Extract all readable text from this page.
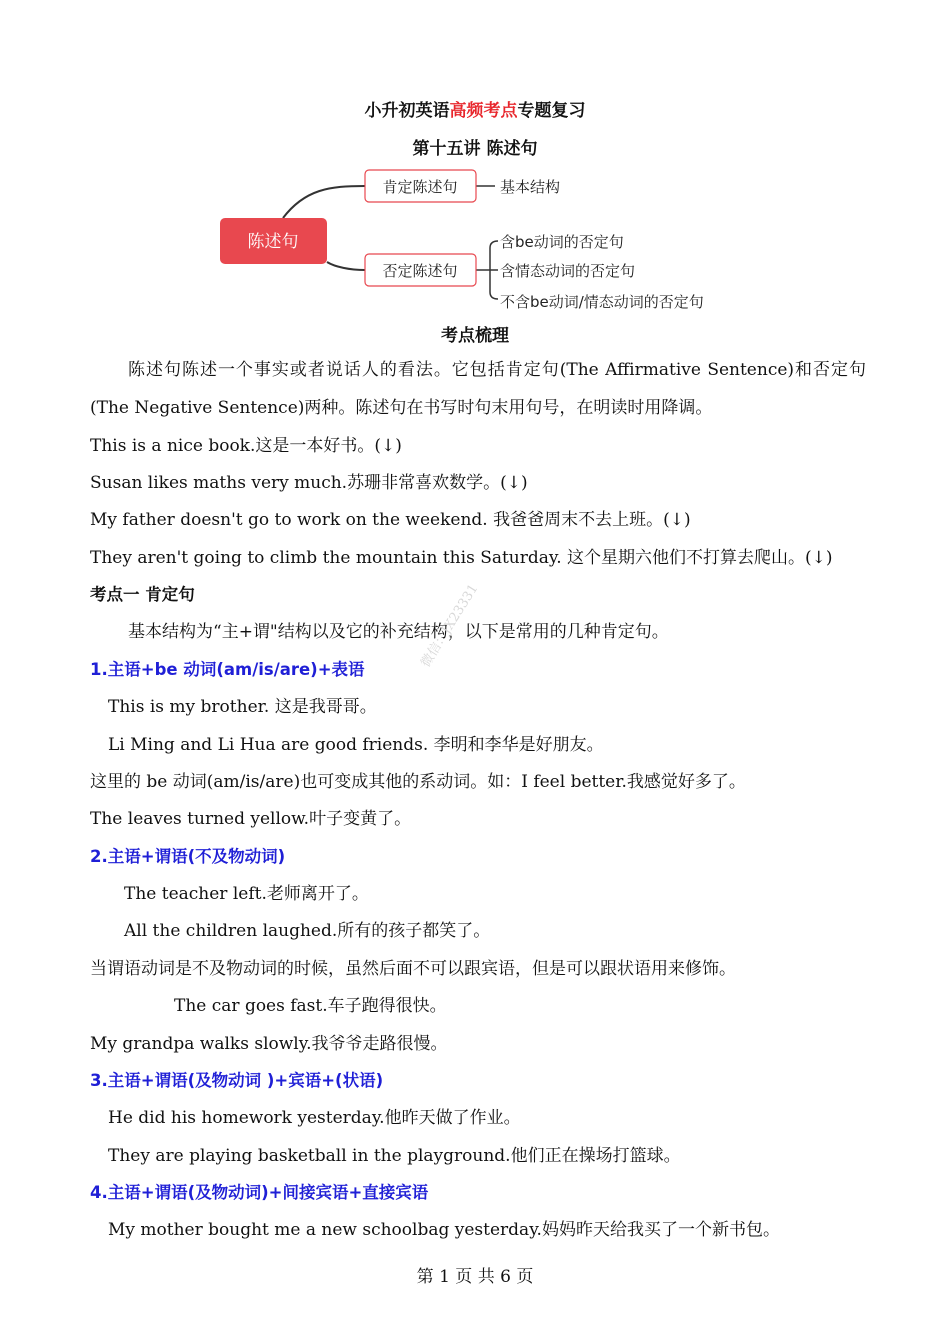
小升初英语高频考点专题复习
第十五讲 陈述句
陈述句
肯定陈述句	基本结构
否定陈述句
含be动词的否定句
含情态动词的否定句
不含be动词/情态动词的否定句
考点梳理
陈述句陈述一个事实或者说话人的看法。它包括肯定句(The Affirmative Sentence)和否定句(The Negative Sentence)两种。陈述句在书写时句末用句号，在明读时用降调。
This is a nice book.这是一本好书。(↓)
Susan likes maths very much.苏珊非常喜欢数学。(↓)
My father doesn't go to work on the weekend. 我爸爸周末不去上班。(↓)
They aren't going to climb the mountain this Saturday. 这个星期六他们不打算去爬山。(↓)
考点一 肯定句
基本结构为“主+谓"结构以及它的补充结构，以下是常用的几种肯定句。
1.主语+be 动词(am/is/are)+表语
This is my brother. 这是我哥哥。
Li Ming and Li Hua are good friends. 李明和李华是好朋友。
这里的 be 动词(am/is/are)也可变成其他的系动词。如：I feel better.我感觉好多了。
The leaves turned yellow.叶子变黄了。
2.主语+谓语(不及物动词)
The teacher left.老师离开了。
All the children laughed.所有的孩子都笑了。
当谓语动词是不及物动词的时候，虽然后面不可以跟宾语，但是可以跟状语用来修饰。
The car goes fast.车子跑得很快。
My grandpa walks slowly.我爷爷走路很慢。
3.主语+谓语(及物动词 )+宾语+(状语)
He did his homework yesterday.他昨天做了作业。
They are playing basketball in the playground.他们正在操场打篮球。
4.主语+谓语(及物动词)+间接宾语+直接宾语
My mother bought me a new schoolbag yesterday.妈妈昨天给我买了一个新书包。
微信：JX23331
第 1 页 共 6 页
